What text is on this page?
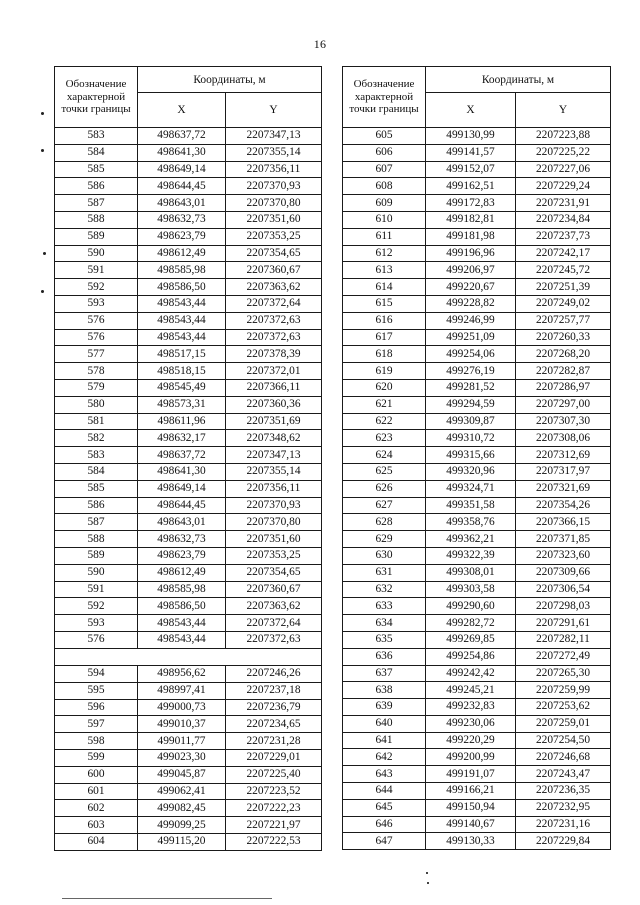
16
Обозначение характерной точки границы	Координаты, м	
	X	Y
583	498637,72	2207347,13
584	498641,30	2207355,14
585	498649,14	2207356,11
586	498644,45	2207370,93
587	498643,01	2207370,80
588	498632,73	2207351,60
589	498623,79	2207353,25
590	498612,49	2207354,65
591	498585,98	2207360,67
592	498586,50	2207363,62
593	498543,44	2207372,64
576	498543,44	2207372,63
576	498543,44	2207372,63
577	498517,15	2207378,39
578	498518,15	2207372,01
579	498545,49	2207366,11
580	498573,31	2207360,36
581	498611,96	2207351,69
582	498632,17	2207348,62
583	498637,72	2207347,13
584	498641,30	2207355,14
585	498649,14	2207356,11
586	498644,45	2207370,93
587	498643,01	2207370,80
588	498632,73	2207351,60
589	498623,79	2207353,25
590	498612,49	2207354,65
591	498585,98	2207360,67
592	498586,50	2207363,62
593	498543,44	2207372,64
576	498543,44	2207372,63

594	498956,62	2207246,26
595	498997,41	2207237,18
596	499000,73	2207236,79
597	499010,37	2207234,65
598	499011,77	2207231,28
599	499023,30	2207229,01
600	499045,87	2207225,40
601	499062,41	2207223,52
602	499082,45	2207222,23
603	499099,25	2207221,97
604	499115,20	2207222,53
Обозначение характерной точки границы	Координаты, м	
	X	Y
605	499130,99	2207223,88
606	499141,57	2207225,22
607	499152,07	2207227,06
608	499162,51	2207229,24
609	499172,83	2207231,91
610	499182,81	2207234,84
611	499181,98	2207237,73
612	499196,96	2207242,17
613	499206,97	2207245,72
614	499220,67	2207251,39
615	499228,82	2207249,02
616	499246,99	2207257,77
617	499251,09	2207260,33
618	499254,06	2207268,20
619	499276,19	2207282,87
620	499281,52	2207286,97
621	499294,59	2207297,00
622	499309,87	2207307,30
623	499310,72	2207308,06
624	499315,66	2207312,69
625	499320,96	2207317,97
626	499324,71	2207321,69
627	499351,58	2207354,26
628	499358,76	2207366,15
629	499362,21	2207371,85
630	499322,39	2207323,60
631	499308,01	2207309,66
632	499303,58	2207306,54
633	499290,60	2207298,03
634	499282,72	2207291,61
635	499269,85	2207282,11
636	499254,86	2207272,49
637	499242,42	2207265,30
638	499245,21	2207259,99
639	499232,83	2207253,62
640	499230,06	2207259,01
641	499220,29	2207254,50
642	499200,99	2207246,68
643	499191,07	2207243,47
644	499166,21	2207236,35
645	499150,94	2207232,95
646	499140,67	2207231,16
647	499130,33	2207229,84
